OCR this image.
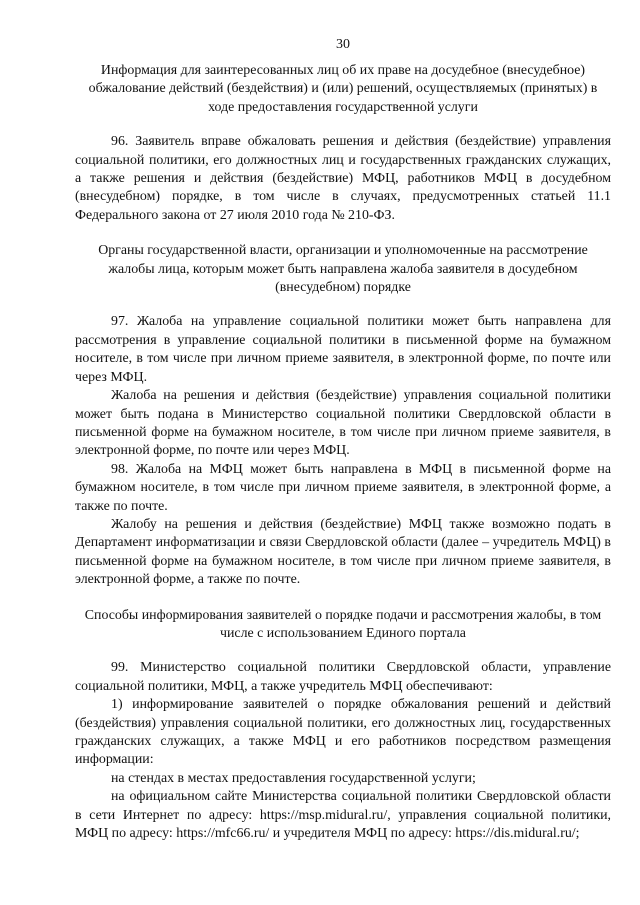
30
Информация для заинтересованных лиц об их праве на досудебное (внесудебное) обжалование действий (бездействия) и (или) решений, осуществляемых (принятых) в ходе предоставления государственной услуги

96. Заявитель вправе обжаловать решения и действия (бездействие) управления социальной политики, его должностных лиц и государственных гражданских служащих, а также решения и действия (бездействие) МФЦ, работников МФЦ в досудебном (внесудебном) порядке, в том числе в случаях, предусмотренных статьей 11.1 Федерального закона от 27 июля 2010 года № 210-ФЗ.

Органы государственной власти, организации и уполномоченные на рассмотрение жалобы лица, которым может быть направлена жалоба заявителя в досудебном (внесудебном) порядке

97. Жалоба на управление социальной политики может быть направлена для рассмотрения в управление социальной политики в письменной форме на бумажном носителе, в том числе при личном приеме заявителя, в электронной форме, по почте или через МФЦ.

Жалоба на решения и действия (бездействие) управления социальной политики может быть подана в Министерство социальной политики Свердловской области в письменной форме на бумажном носителе, в том числе при личном приеме заявителя, в электронной форме, по почте или через МФЦ.

98. Жалоба на МФЦ может быть направлена в МФЦ в письменной форме на бумажном носителе, в том числе при личном приеме заявителя, в электронной форме, а также по почте.

Жалобу на решения и действия (бездействие) МФЦ также возможно подать в Департамент информатизации и связи Свердловской области (далее – учредитель МФЦ) в письменной форме на бумажном носителе, в том числе при личном приеме заявителя, в электронной форме, а также по почте.

Способы информирования заявителей о порядке подачи и рассмотрения жалобы, в том числе с использованием Единого портала

99. Министерство социальной политики Свердловской области, управление социальной политики, МФЦ, а также учредитель МФЦ обеспечивают:

1) информирование заявителей о порядке обжалования решений и действий (бездействия) управления социальной политики, его должностных лиц, государственных гражданских служащих, а также МФЦ и его работников посредством размещения информации:

на стендах в местах предоставления государственной услуги;

на официальном сайте Министерства социальной политики Свердловской области в сети Интернет по адресу: https://msp.midural.ru/, управления социальной политики, МФЦ по адресу: https://mfc66.ru/ и учредителя МФЦ по адресу: https://dis.midural.ru/;
